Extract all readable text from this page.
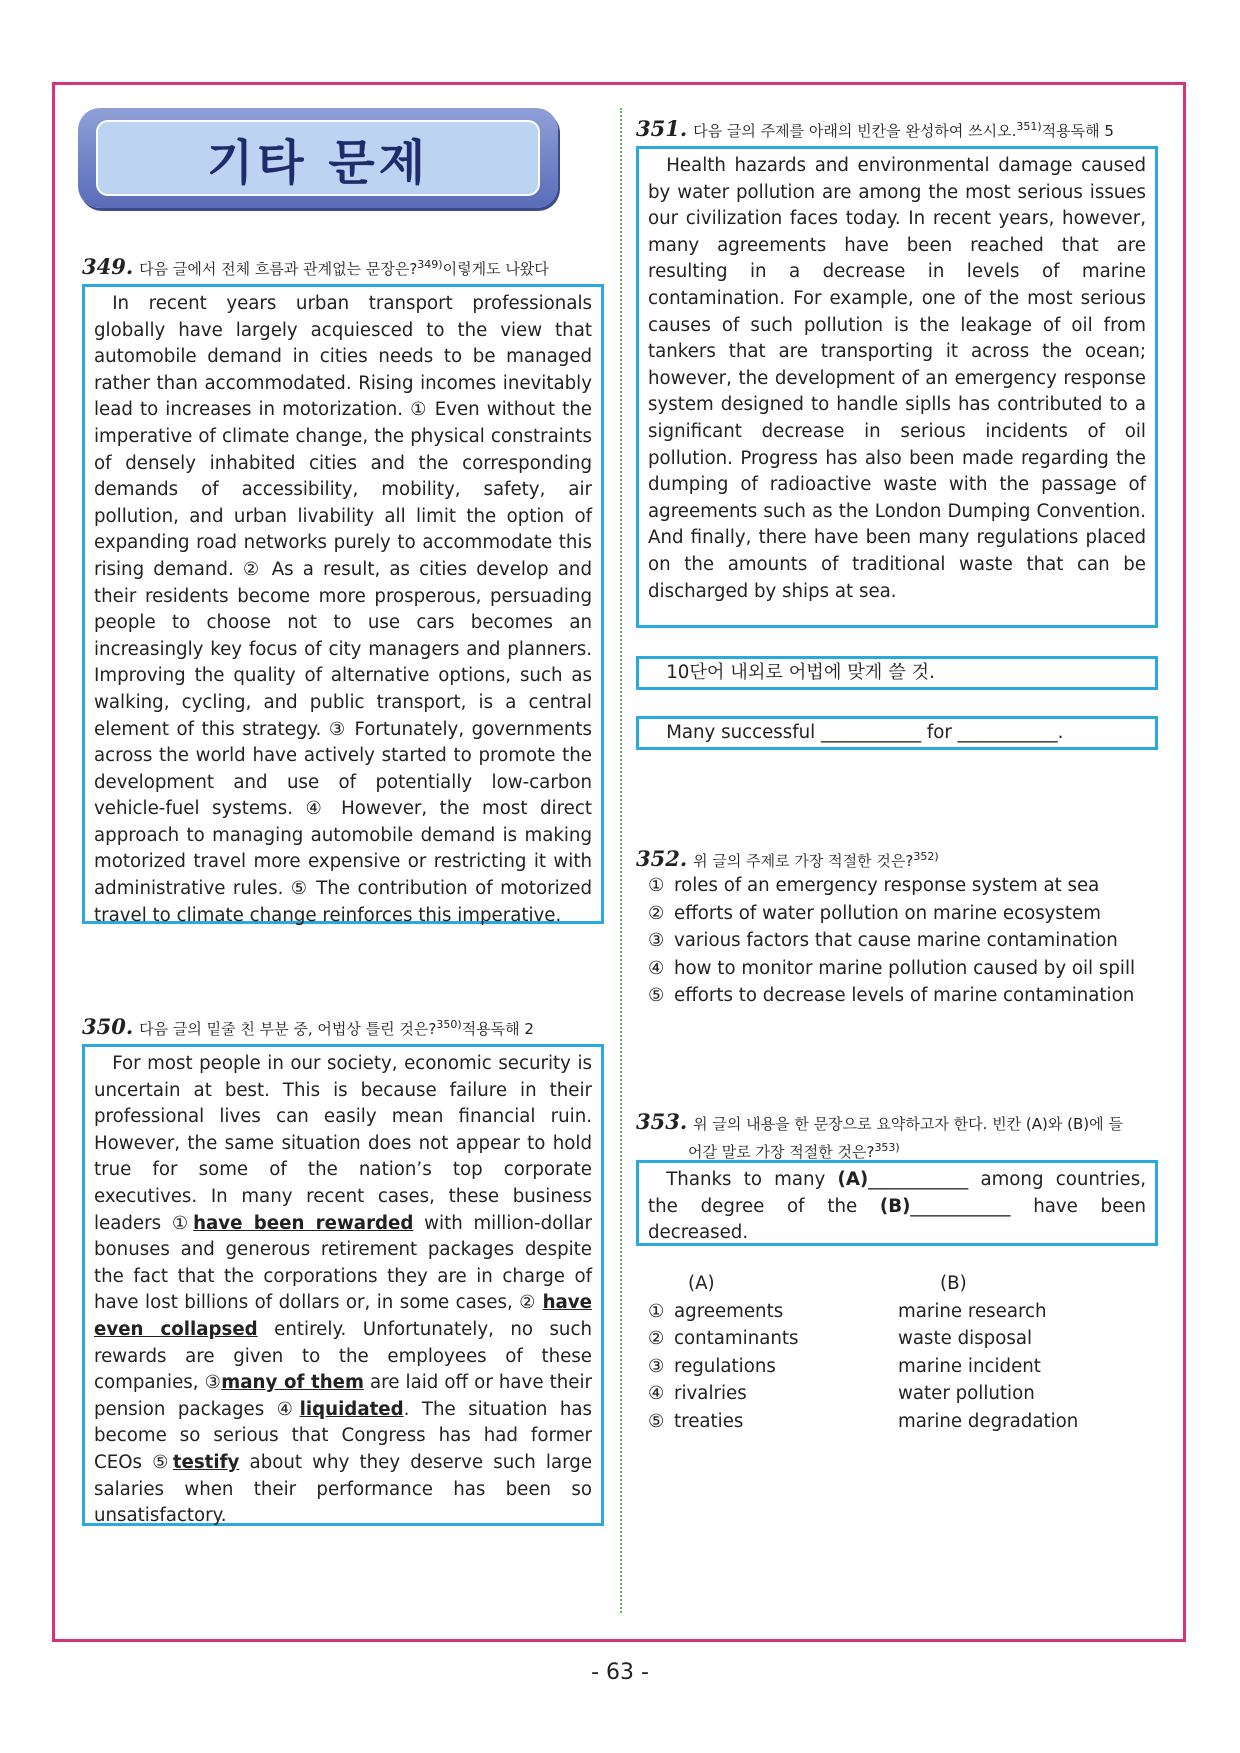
기타 문제
349. 다음 글에서 전체 흐름과 관계없는 문장은?$^{349)}$이렇게도 나왔다

In recent years urban transport professionals globally have largely acquiesced to the view that automobile demand in cities needs to be managed rather than accommodated. Rising incomes inevitably lead to increases in motorization. ① Even without the imperative of climate change, the physical constraints of densely inhabited cities and the corresponding demands of accessibility, mobility, safety, air pollution, and urban livability all limit the option of expanding road networks purely to accommodate this rising demand. ② As a result, as cities develop and their residents become more prosperous, persuading people to choose not to use cars becomes an increasingly key focus of city managers and planners. Improving the quality of alternative options, such as walking, cycling, and public transport, is a central element of this strategy. ③ Fortunately, governments across the world have actively started to promote the development and use of potentially low-carbon vehicle-fuel systems. ④ However, the most direct approach to managing automobile demand is making motorized travel more expensive or restricting it with administrative rules. ⑤ The contribution of motorized travel to climate change reinforces this imperative.

350. 다음 글의 밑줄 친 부분 중, 어법상 틀린 것은?$^{350)}$적용독해 2

For most people in our society, economic security is uncertain at best. This is because failure in their professional lives can easily mean financial ruin. However, the same situation does not appear to hold true for some of the nation’s top corporate executives. In many recent cases, these business leaders ①have been rewarded with million-dollar bonuses and generous retirement packages despite the fact that the corporations they are in charge of have lost billions of dollars or, in some cases, ② have even collapsed entirely. Unfortunately, no such rewards are given to the employees of these companies, ③many of them are laid off or have their pension packages ④liquidated. The situation has become so serious that Congress has had former CEOs ⑤testify about why they deserve such large salaries when their performance has been so unsatisfactory.

351. 다음 글의 주제를 아래의 빈칸을 완성하여 쓰시오.$^{351)}$적용독해 5

Health hazards and environmental damage caused by water pollution are among the most serious issues our civilization faces today. In recent years, however, many agreements have been reached that are resulting in a decrease in levels of marine contamination. For example, one of the most serious causes of such pollution is the leakage of oil from tankers that are transporting it across the ocean; however, the development of an emergency response system designed to handle siplls has contributed to a significant decrease in serious incidents of oil pollution. Progress has also been made regarding the dumping of radioactive waste with the passage of agreements such as the London Dumping Convention. And finally, there have been many regulations placed on the amounts of traditional waste that can be discharged by ships at sea.

10단어 내외로 어법에 맞게 쓸 것.

Many successful ___________ for ___________.

352. 위 글의 주제로 가장 적절한 것은?$^{352)}$
① roles of an emergency response system at sea
② efforts of water pollution on marine ecosystem
③ various factors that cause marine contamination
④ how to monitor marine pollution caused by oil spill
⑤ efforts to decrease levels of marine contamination
353. 위 글의 내용을 한 문장으로 요약하고자 한다. 빈칸 (A)와 (B)에 들
어갈 말로 가장 적절한 것은?$^{353)}$

Thanks to many (A)___________ among countries, the degree of the (B)___________ have been decreased.

(A)	(B)
① agreements	marine research
② contaminants	waste disposal
③ regulations	marine incident
④ rivalries	water pollution
⑤ treaties	marine degradation
- 63 -
